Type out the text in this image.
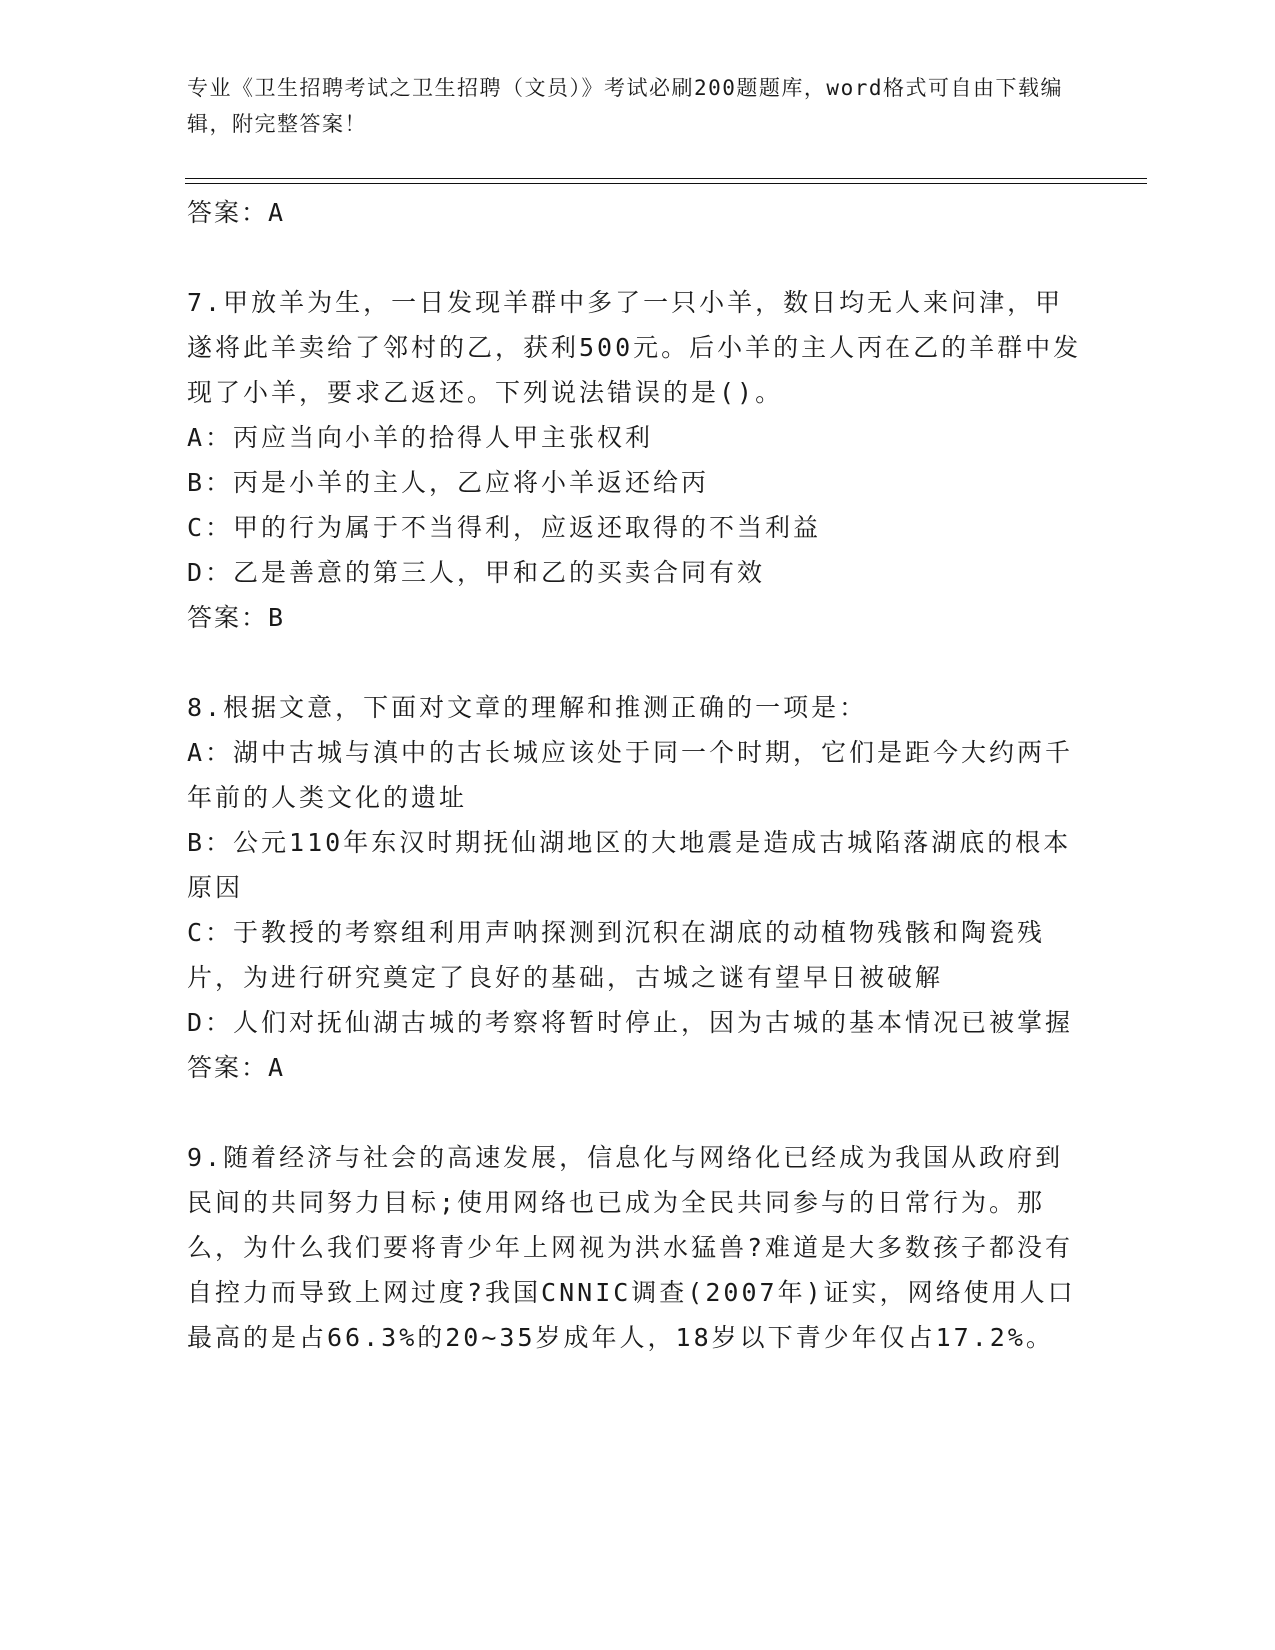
专业《卫生招聘考试之卫生招聘（文员）》考试必刷200题题库，word格式可自由下载编辑，附完整答案！

答案：A

7.甲放羊为生，一日发现羊群中多了一只小羊，数日均无人来问津，甲遂将此羊卖给了邻村的乙，获利500元。后小羊的主人丙在乙的羊群中发现了小羊，要求乙返还。下列说法错误的是()。

A：丙应当向小羊的拾得人甲主张权利

B：丙是小羊的主人，乙应将小羊返还给丙

C：甲的行为属于不当得利，应返还取得的不当利益

D：乙是善意的第三人，甲和乙的买卖合同有效

答案：B

8.根据文意，下面对文章的理解和推测正确的一项是：

A：湖中古城与滇中的古长城应该处于同一个时期，它们是距今大约两千年前的人类文化的遗址

B：公元110年东汉时期抚仙湖地区的大地震是造成古城陷落湖底的根本原因

C：于教授的考察组利用声呐探测到沉积在湖底的动植物残骸和陶瓷残片，为进行研究奠定了良好的基础，古城之谜有望早日被破解

D：人们对抚仙湖古城的考察将暂时停止，因为古城的基本情况已被掌握

答案：A

9.随着经济与社会的高速发展，信息化与网络化已经成为我国从政府到民间的共同努力目标;使用网络也已成为全民共同参与的日常行为。那么，为什么我们要将青少年上网视为洪水猛兽?难道是大多数孩子都没有自控力而导致上网过度?我国CNNIC调查(2007年)证实，网络使用人口最高的是占66.3%的20~35岁成年人，18岁以下青少年仅占17.2%。
